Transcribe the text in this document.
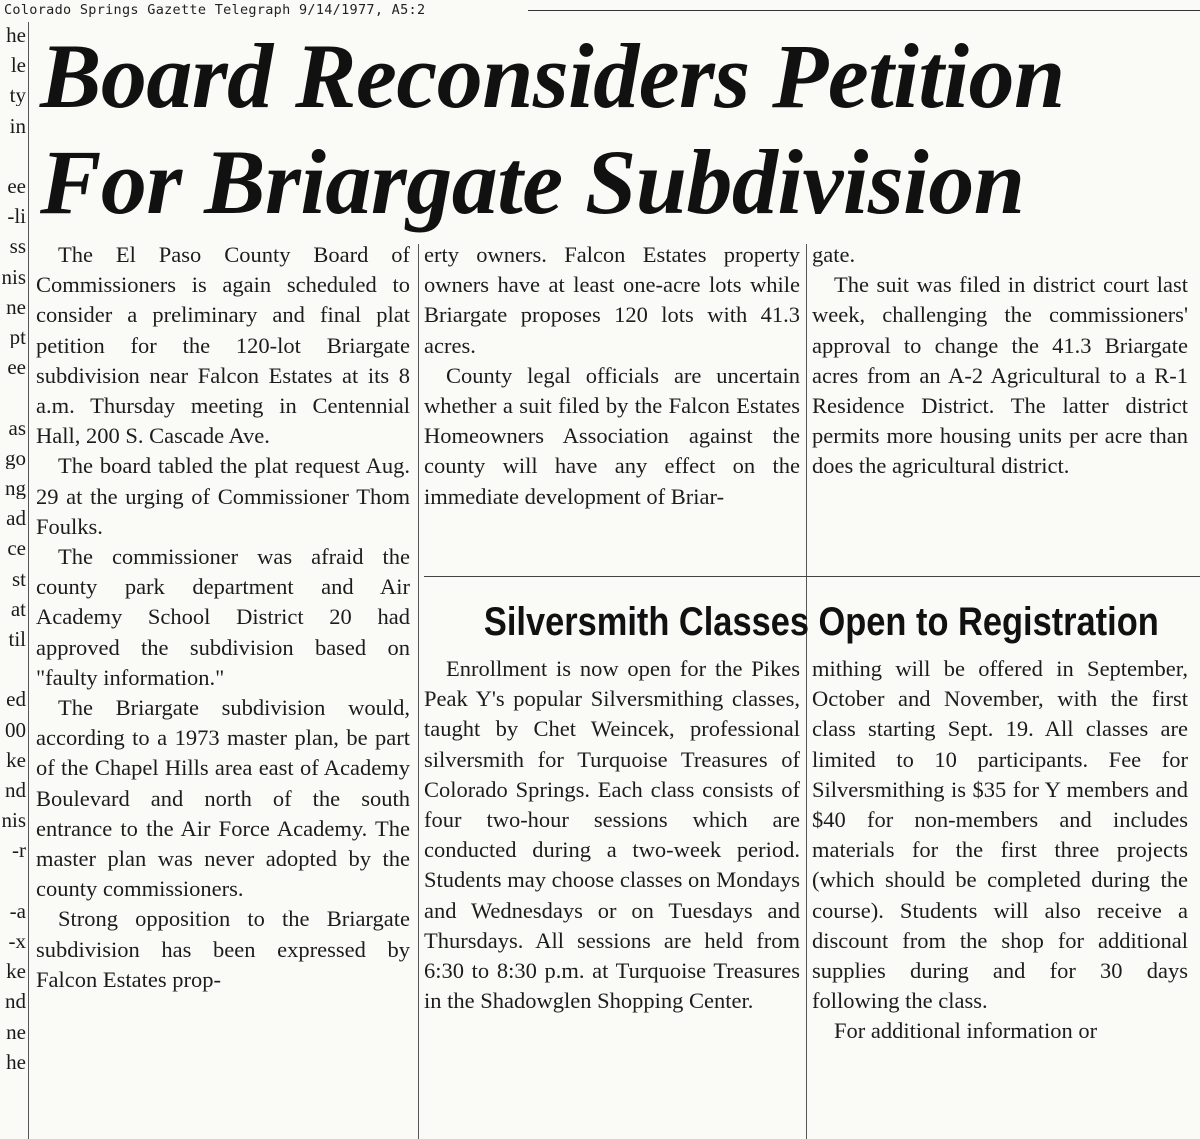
Colorado Springs Gazette Telegraph 9/14/1977, A5:2
he
le
ty
in
ee
li-
ss
nis
ne
pt
ee
as
go
ng
ad
ce
st
at
til
ed
00
ke
nd
nis
r-
a-
x-
ke
nd
ne
he
Board Reconsiders Petition
For Briargate Subdivision

The El Paso County Board of Commissioners is again scheduled to consider a preliminary and final plat petition for the 120-lot Briargate subdivision near Falcon Estates at its 8 a.m. Thursday meeting in Centennial Hall, 200 S. Cascade Ave.

The board tabled the plat request Aug. 29 at the urging of Commissioner Thom Foulks.

The commissioner was afraid the county park department and Air Academy School District 20 had approved the subdivision based on "faulty information."

The Briargate subdivision would, according to a 1973 master plan, be part of the Chapel Hills area east of Academy Boulevard and north of the south entrance to the Air Force Academy. The master plan was never adopted by the county commissioners.

Strong opposition to the Briargate subdivision has been expressed by Falcon Estates prop-

erty owners. Falcon Estates property owners have at least one-acre lots while Briargate proposes 120 lots with 41.3 acres.

County legal officials are uncertain whether a suit filed by the Falcon Estates Homeowners Association against the county will have any effect on the immediate development of Briar-

gate.

The suit was filed in district court last week, challenging the commissioners' approval to change the 41.3 Briargate acres from an A-2 Agricultural to a R-1 Residence District. The latter district permits more housing units per acre than does the agricultural district.

Silversmith Classes Open to Registration

Enrollment is now open for the Pikes Peak Y's popular Silversmithing classes, taught by Chet Weincek, professional silversmith for Turquoise Treasures of Colorado Springs. Each class consists of four two-hour sessions which are conducted during a two-week period. Students may choose classes on Mondays and Wednesdays or on Tuesdays and Thursdays. All sessions are held from 6:30 to 8:30 p.m. at Turquoise Treasures in the Shadowglen Shopping Center.

mithing will be offered in September, October and November, with the first class starting Sept. 19. All classes are limited to 10 participants. Fee for Silversmithing is $35 for Y members and $40 for non-members and includes materials for the first three projects (which should be completed during the course). Students will also receive a discount from the shop for additional supplies during and for 30 days following the class.

For additional information or
